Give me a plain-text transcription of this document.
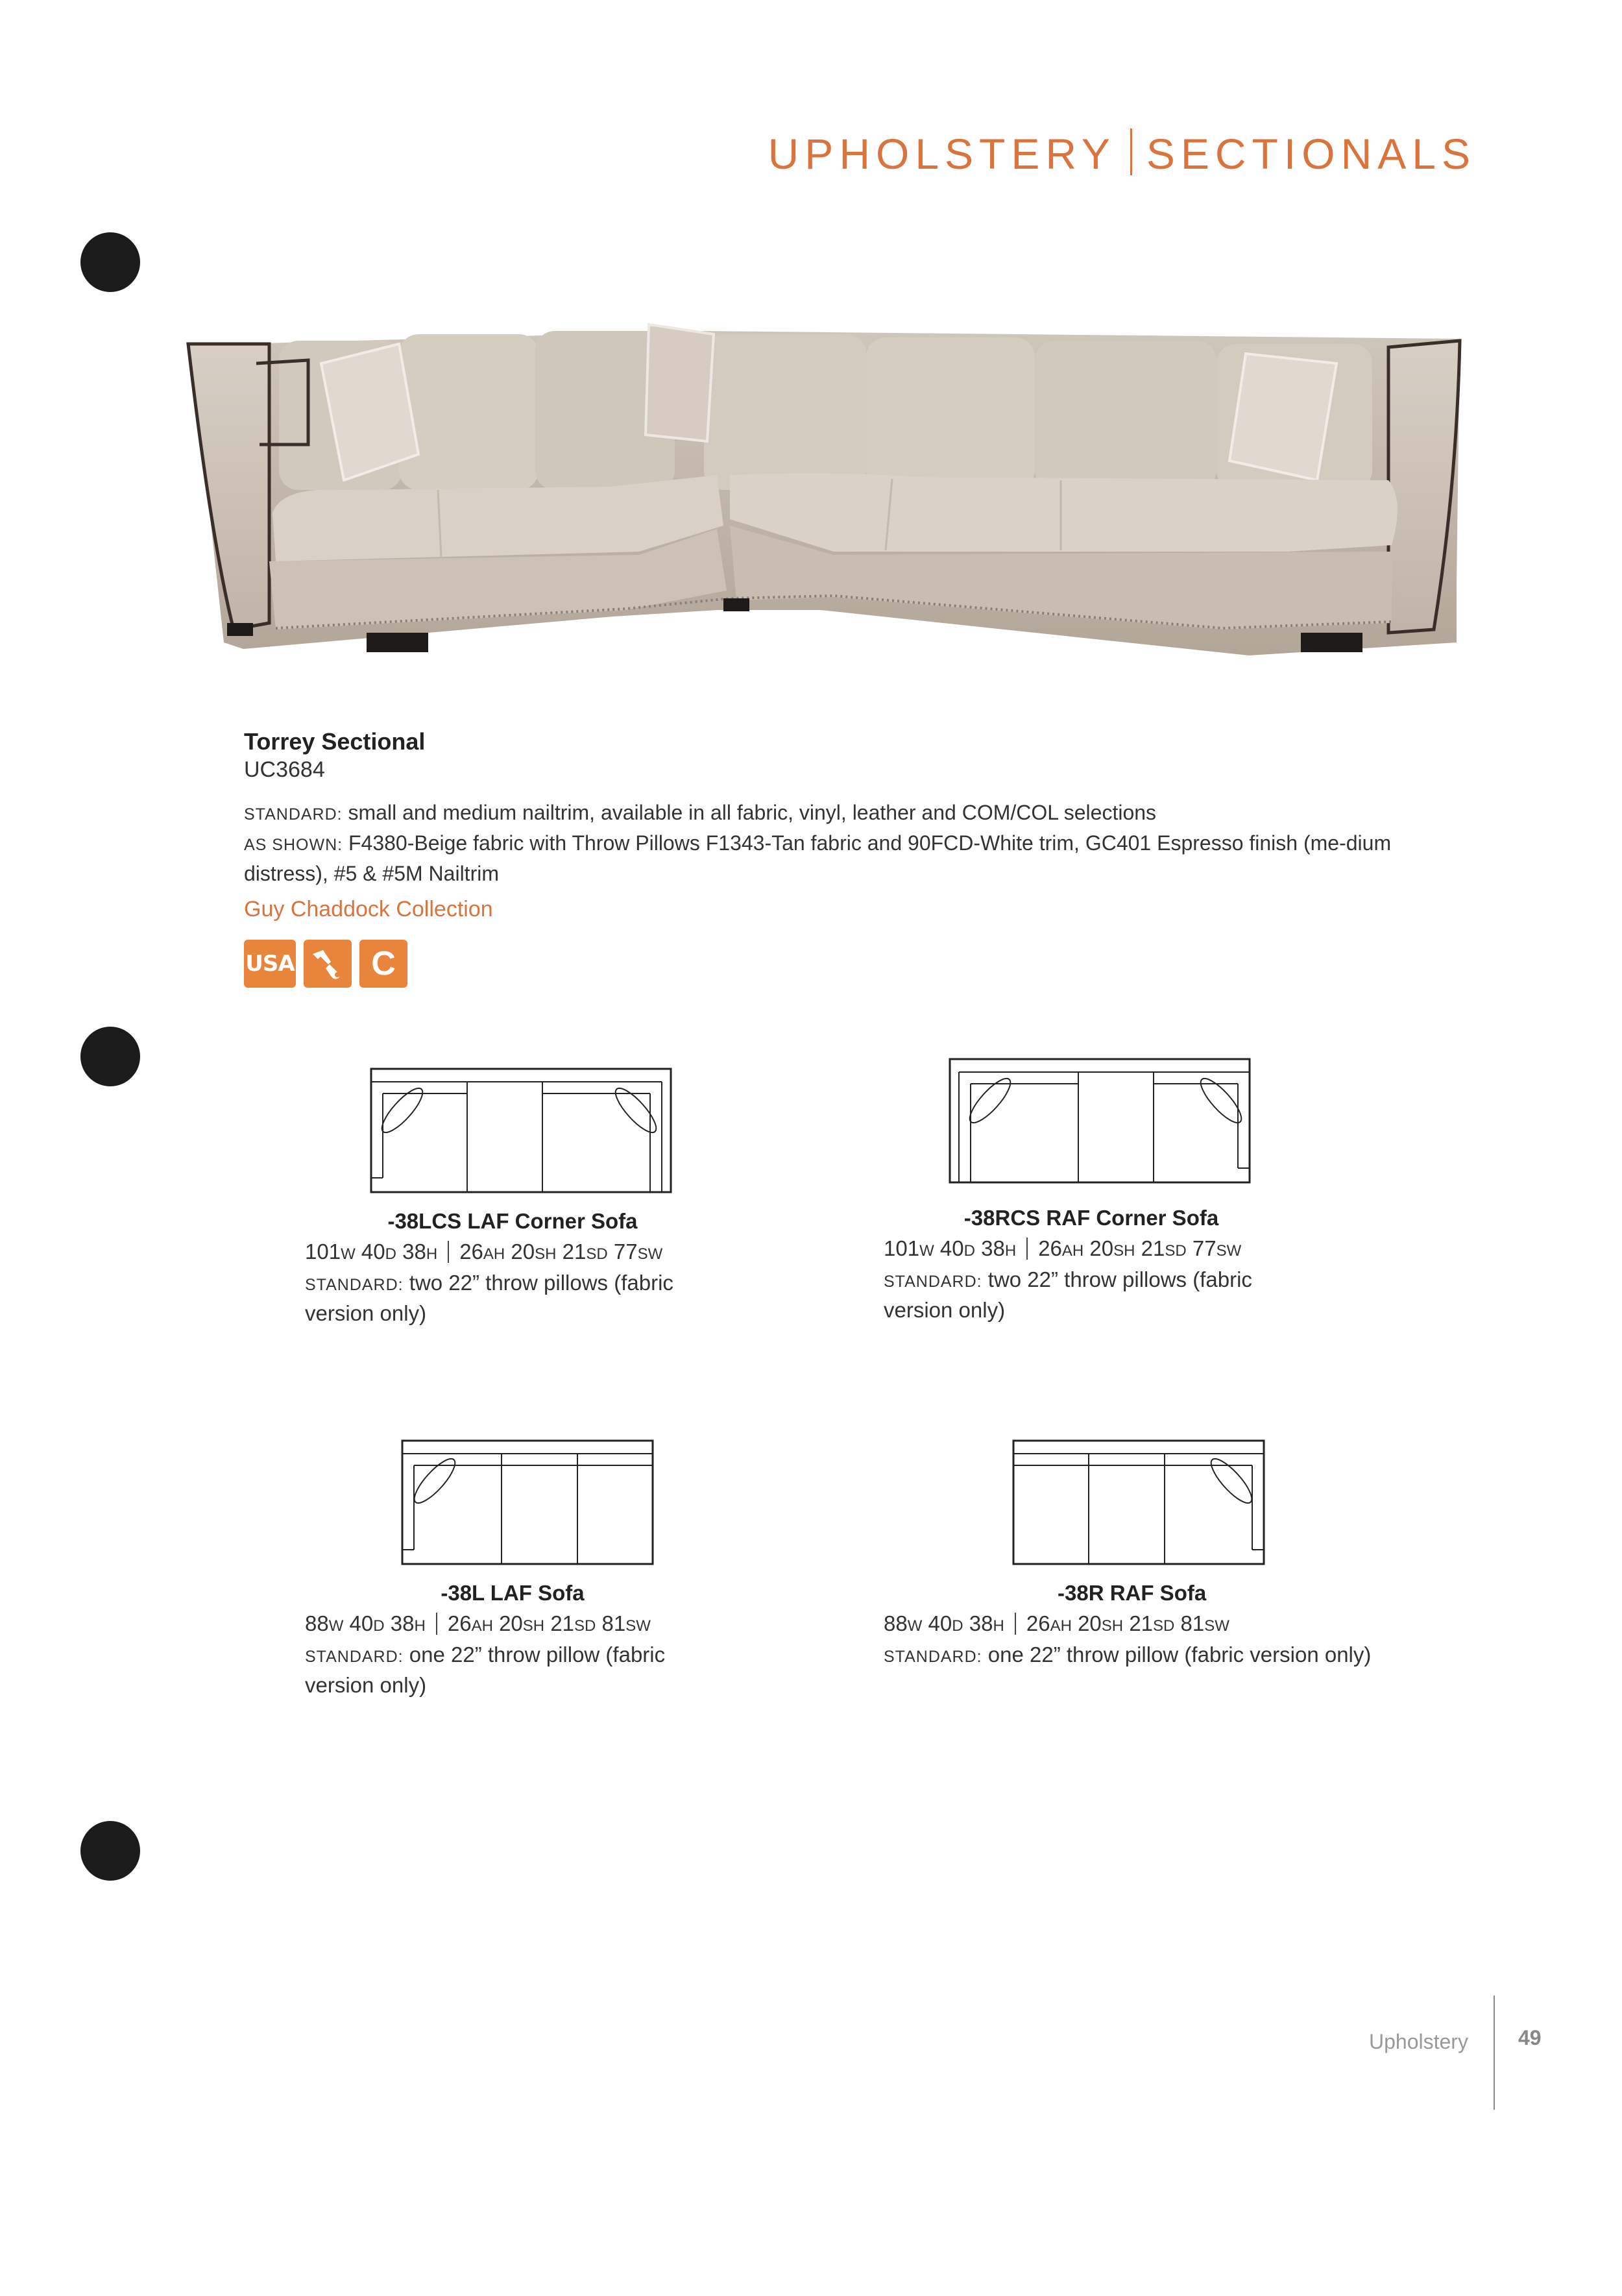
UPHOLSTERY SECTIONALS
Torrey Sectional
UC3684
STANDARD: small and medium nailtrim, available in all fabric, vinyl, leather and COM/COL selections
AS SHOWN: F4380-Beige fabric with Throw Pillows F1343-Tan fabric and 90FCD-White trim, GC401 Espresso finish (me-dium distress), #5 & #5M Nailtrim
Guy Chaddock Collection
USA	C
-38LCS LAF Corner Sofa
101W 40D 38H 26AH 20SH 21SD 77SW
STANDARD: two 22” throw pillows (fabric version only)
-38RCS RAF Corner Sofa
101W 40D 38H 26AH 20SH 21SD 77SW
STANDARD: two 22” throw pillows (fabric version only)
-38L LAF Sofa
88W 40D 38H 26AH 20SH 21SD 81SW
STANDARD: one 22” throw pillow (fabric version only)
-38R RAF Sofa
88W 40D 38H 26AH 20SH 21SD 81SW
STANDARD: one 22” throw pillow (fabric version only)
Upholstery 49
